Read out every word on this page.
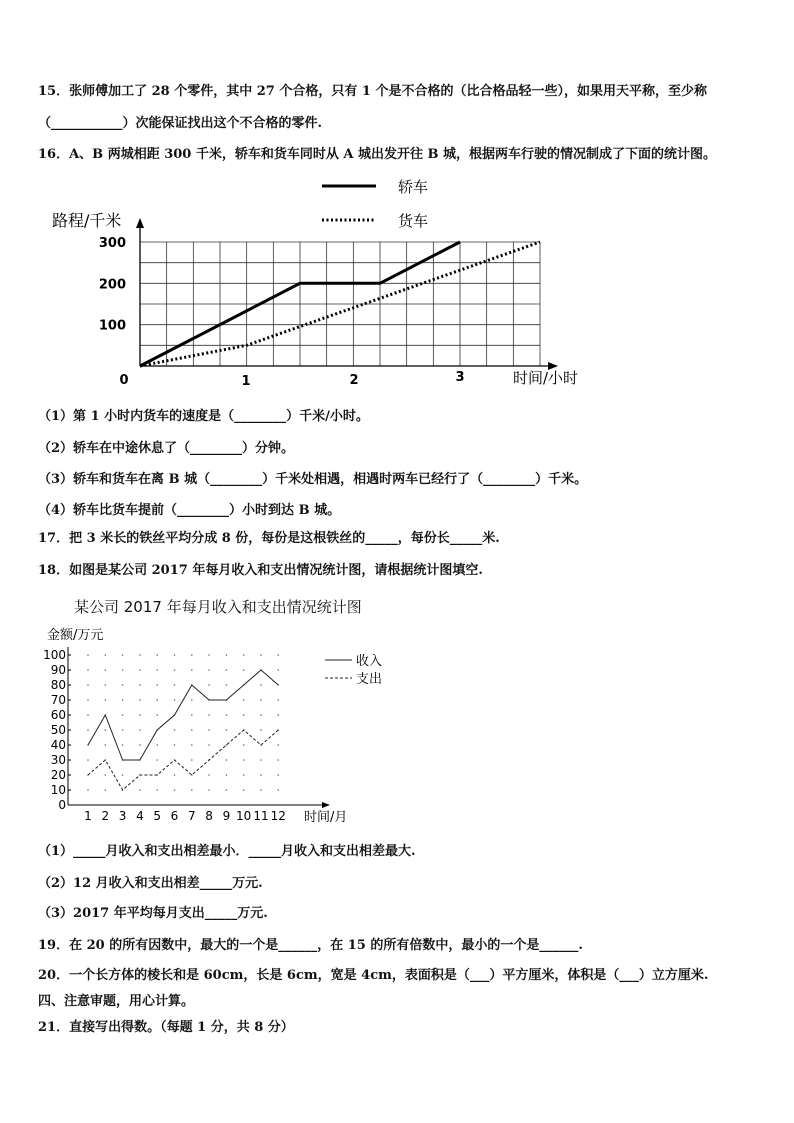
15．张师傅加工了 28 个零件，其中 27 个合格，只有 1 个是不合格的（比合格品轻一些），如果用天平称，至少称
（___________）次能保证找出这个不合格的零件.
16．A、B 两城相距 300 千米，轿车和货车同时从 A 城出发开往 B 城，根据两车行驶的情况制成了下面的统计图。
0	1	2	3
100
200
300
轿车
货车
路程/千米
时间/小时
（1）第 1 小时内货车的速度是（________）千米/小时。
（2）轿车在中途休息了（________）分钟。
（3）轿车和货车在离 B 城（________）千米处相遇，相遇时两车已经行了（________）千米。
（4）轿车比货车提前（________）小时到达 B 城。
17．把 3 米长的铁丝平均分成 8 份，每份是这根铁丝的_____，每份长_____米.
18．如图是某公司 2017 年每月收入和支出情况统计图，请根据统计图填空.
某公司 2017 年每月收入和支出情况统计图
0
10
20
30
40
50
60
70
80
90
100
1 2 3 4 5 6 7 8 9 10 11 12
收入
支出
金额/万元
时间/月
（1）_____月收入和支出相差最小．_____月收入和支出相差最大.
（2）12 月收入和支出相差_____万元.
（3）2017 年平均每月支出_____万元.
19．在 20 的所有因数中，最大的一个是______，在 15 的所有倍数中，最小的一个是______.
20．一个长方体的棱长和是 60cm，长是 6cm，宽是 4cm，表面积是（___）平方厘米，体积是（___）立方厘米.
四、注意审题，用心计算。
21．直接写出得数。（每题 1 分，共 8 分）
